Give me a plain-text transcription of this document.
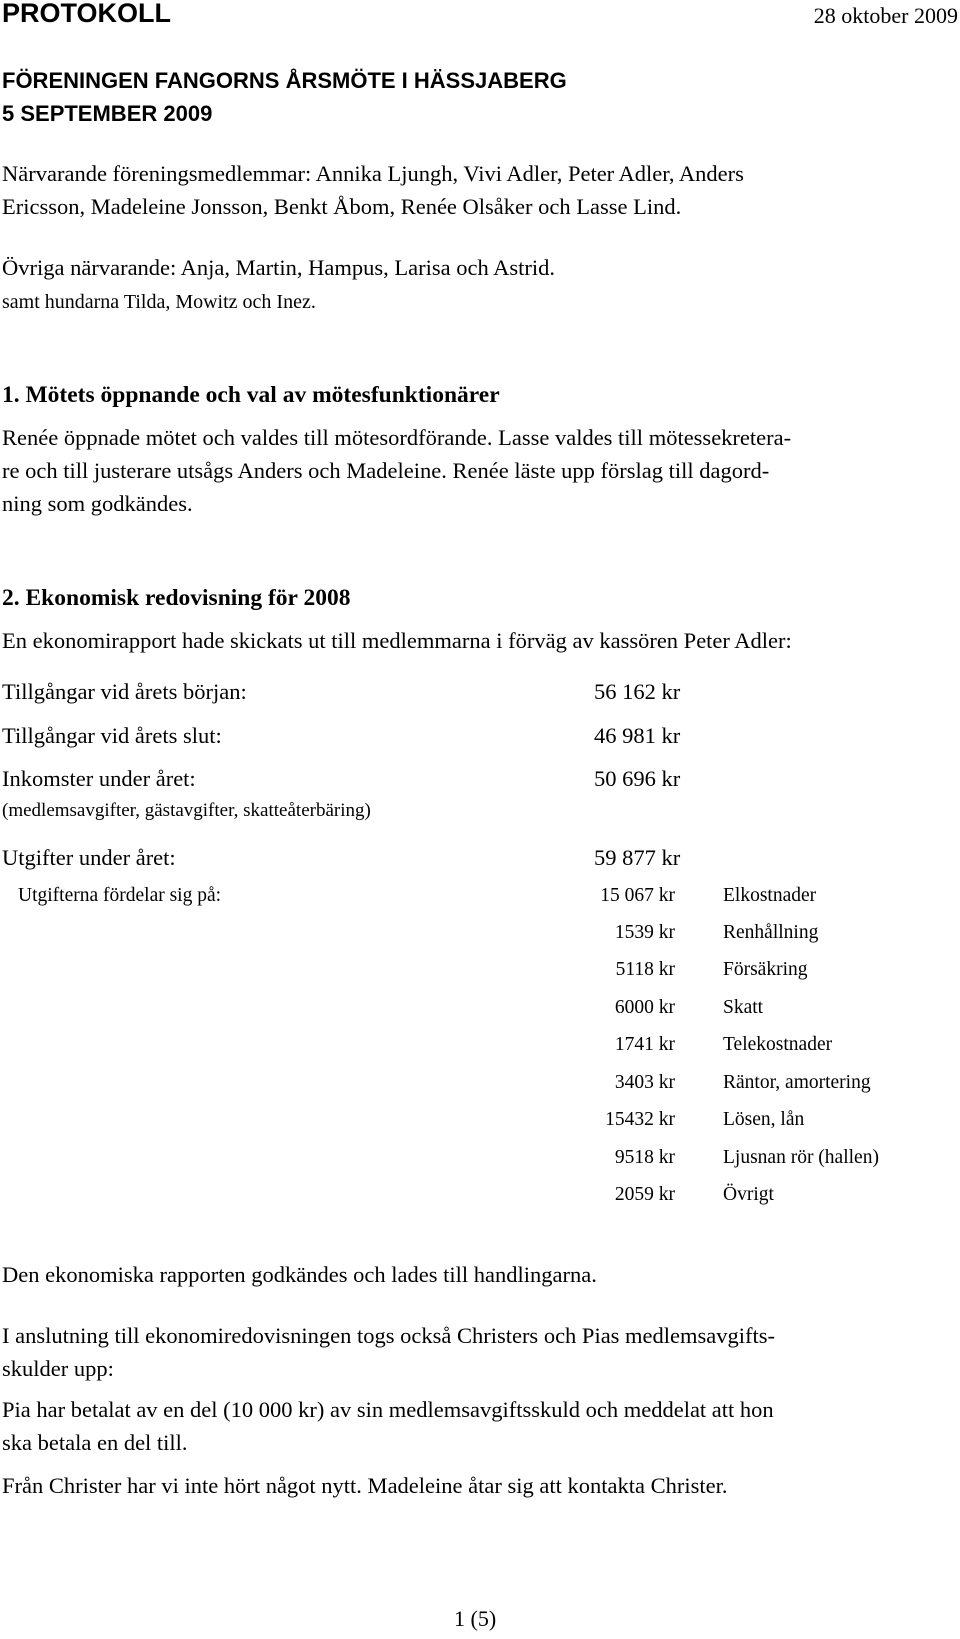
PROTOKOLL	28 oktober 2009
FÖRENINGEN FANGORNS ÅRSMÖTE I HÄSSJABERG
5 SEPTEMBER 2009
Närvarande föreningsmedlemmar: Annika Ljungh, Vivi Adler, Peter Adler, Anders
Ericsson, Madeleine Jonsson, Benkt Åbom, Renée Olsåker och Lasse Lind.
Övriga närvarande: Anja, Martin, Hampus, Larisa och Astrid.
samt hundarna Tilda, Mowitz och Inez.
1. Mötets öppnande och val av mötesfunktionärer
Renée öppnade mötet och valdes till mötesordförande. Lasse valdes till mötessekretera-
re och till justerare utsågs Anders och Madeleine. Renée läste upp förslag till dagord-
ning som godkändes.
2. Ekonomisk redovisning för 2008
En ekonomirapport hade skickats ut till medlemmarna i förväg av kassören Peter Adler:
Tillgångar vid årets början:	56 162 kr
Tillgångar vid årets slut:	46 981 kr
Inkomster under året:	50 696 kr
(medlemsavgifter, gästavgifter, skatteåterbäring)
Utgifter under året:	59 877 kr
Utgifterna fördelar sig på:	15 067 kr Elkostnader
1539 kr Renhållning
5118 kr Försäkring
6000 kr Skatt
1741 kr Telekostnader
3403 kr Räntor, amortering
15432 kr Lösen, lån
9518 kr Ljusnan rör (hallen)
2059 kr Övrigt
Den ekonomiska rapporten godkändes och lades till handlingarna.
I anslutning till ekonomiredovisningen togs också Christers och Pias medlemsavgifts-
skulder upp:
Pia har betalat av en del (10 000 kr) av sin medlemsavgiftsskuld och meddelat att hon
ska betala en del till.
Från Christer har vi inte hört något nytt. Madeleine åtar sig att kontakta Christer.
1 (5)
